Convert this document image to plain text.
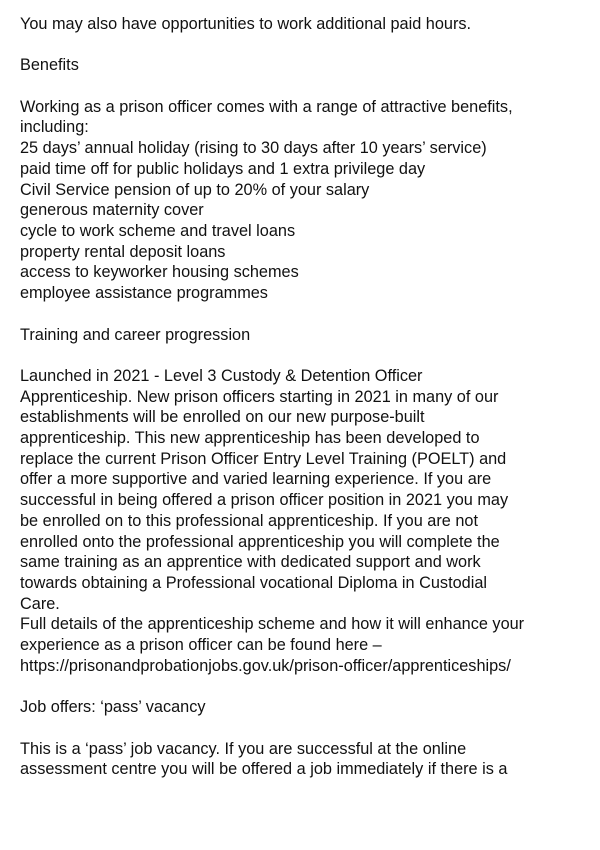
You may also have opportunities to work additional paid hours.
Benefits
Working as a prison officer comes with a range of attractive benefits,
including:
25 days’ annual holiday (rising to 30 days after 10 years’ service)
paid time off for public holidays and 1 extra privilege day
Civil Service pension of up to 20% of your salary
generous maternity cover
cycle to work scheme and travel loans
property rental deposit loans
access to keyworker housing schemes
employee assistance programmes
Training and career progression
Launched in 2021 - Level 3 Custody & Detention Officer
Apprenticeship. New prison officers starting in 2021 in many of our
establishments will be enrolled on our new purpose-built
apprenticeship. This new apprenticeship has been developed to
replace the current Prison Officer Entry Level Training (POELT) and
offer a more supportive and varied learning experience. If you are
successful in being offered a prison officer position in 2021 you may
be enrolled on to this professional apprenticeship. If you are not
enrolled onto the professional apprenticeship you will complete the
same training as an apprentice with dedicated support and work
towards obtaining a Professional vocational Diploma in Custodial
Care.
Full details of the apprenticeship scheme and how it will enhance your
experience as a prison officer can be found here –
https://prisonandprobationjobs.gov.uk/prison-officer/apprenticeships/
Job offers: ‘pass’ vacancy
This is a ‘pass’ job vacancy. If you are successful at the online
assessment centre you will be offered a job immediately if there is a
